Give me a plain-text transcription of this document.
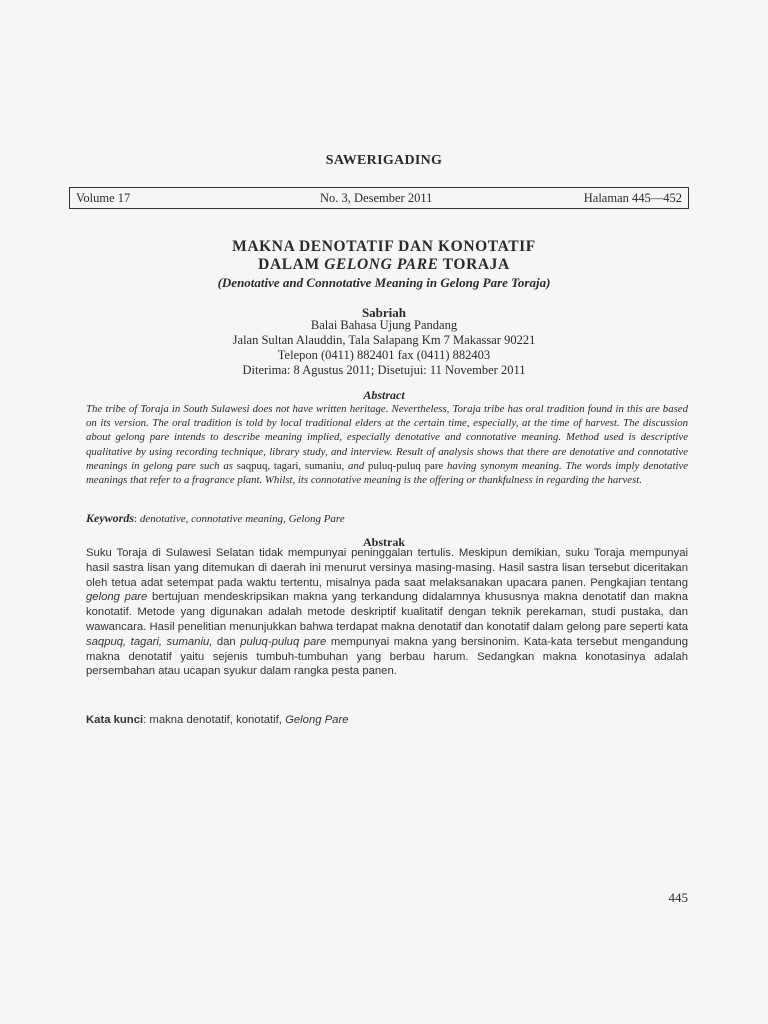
SAWERIGADING
Volume 17	No. 3, Desember 2011	Halaman 445—452
MAKNA DENOTATIF DAN KONOTATIF
DALAM GELONG PARE TORAJA
(Denotative and Connotative Meaning in Gelong Pare Toraja)
Sabriah
Balai Bahasa Ujung Pandang
Jalan Sultan Alauddin, Tala Salapang Km 7 Makassar 90221
Telepon (0411) 882401 fax (0411) 882403
Diterima: 8 Agustus 2011; Disetujui: 11 November 2011
Abstract
The tribe of Toraja in South Sulawesi does not have written heritage. Nevertheless, Toraja tribe has oral tradition found in this are based on its version. The oral tradition is told by local traditional elders at the certain time, especially, at the time of harvest. The discussion about gelong pare intends to describe meaning implied, especially denotative and connotative meaning. Method used is descriptive qualitative by using recording technique, library study, and interview. Result of analysis shows that there are denotative and connotative meanings in gelong pare such as saqpuq, tagari, sumaniu, and puluq-puluq pare having synonym meaning. The words imply denotative meanings that refer to a fragrance plant. Whilst, its connotative meaning is the offering or thankfulness in regarding the harvest.
Keywords: denotative, connotative meaning, Gelong Pare
Abstrak
Suku Toraja di Sulawesi Selatan tidak mempunyai peninggalan tertulis. Meskipun demikian, suku Toraja mempunyai hasil sastra lisan yang ditemukan di daerah ini menurut versinya masing-masing. Hasil sastra lisan tersebut diceritakan oleh tetua adat setempat pada waktu tertentu, misalnya pada saat melaksanakan upacara panen. Pengkajian tentang gelong pare bertujuan mendeskripsikan makna yang terkandung didalamnya khususnya makna denotatif dan makna konotatif. Metode yang digunakan adalah metode deskriptif kualitatif dengan teknik perekaman, studi pustaka, dan wawancara. Hasil penelitian menunjukkan bahwa terdapat makna denotatif dan konotatif dalam gelong pare seperti kata saqpuq, tagari, sumaniu, dan puluq-puluq pare mempunyai makna yang bersinonim. Kata-kata tersebut mengandung makna denotatif yaitu sejenis tumbuh-tumbuhan yang berbau harum. Sedangkan makna konotasinya adalah persembahan atau ucapan syukur dalam rangka pesta panen.
Kata kunci: makna denotatif, konotatif, Gelong Pare
445
